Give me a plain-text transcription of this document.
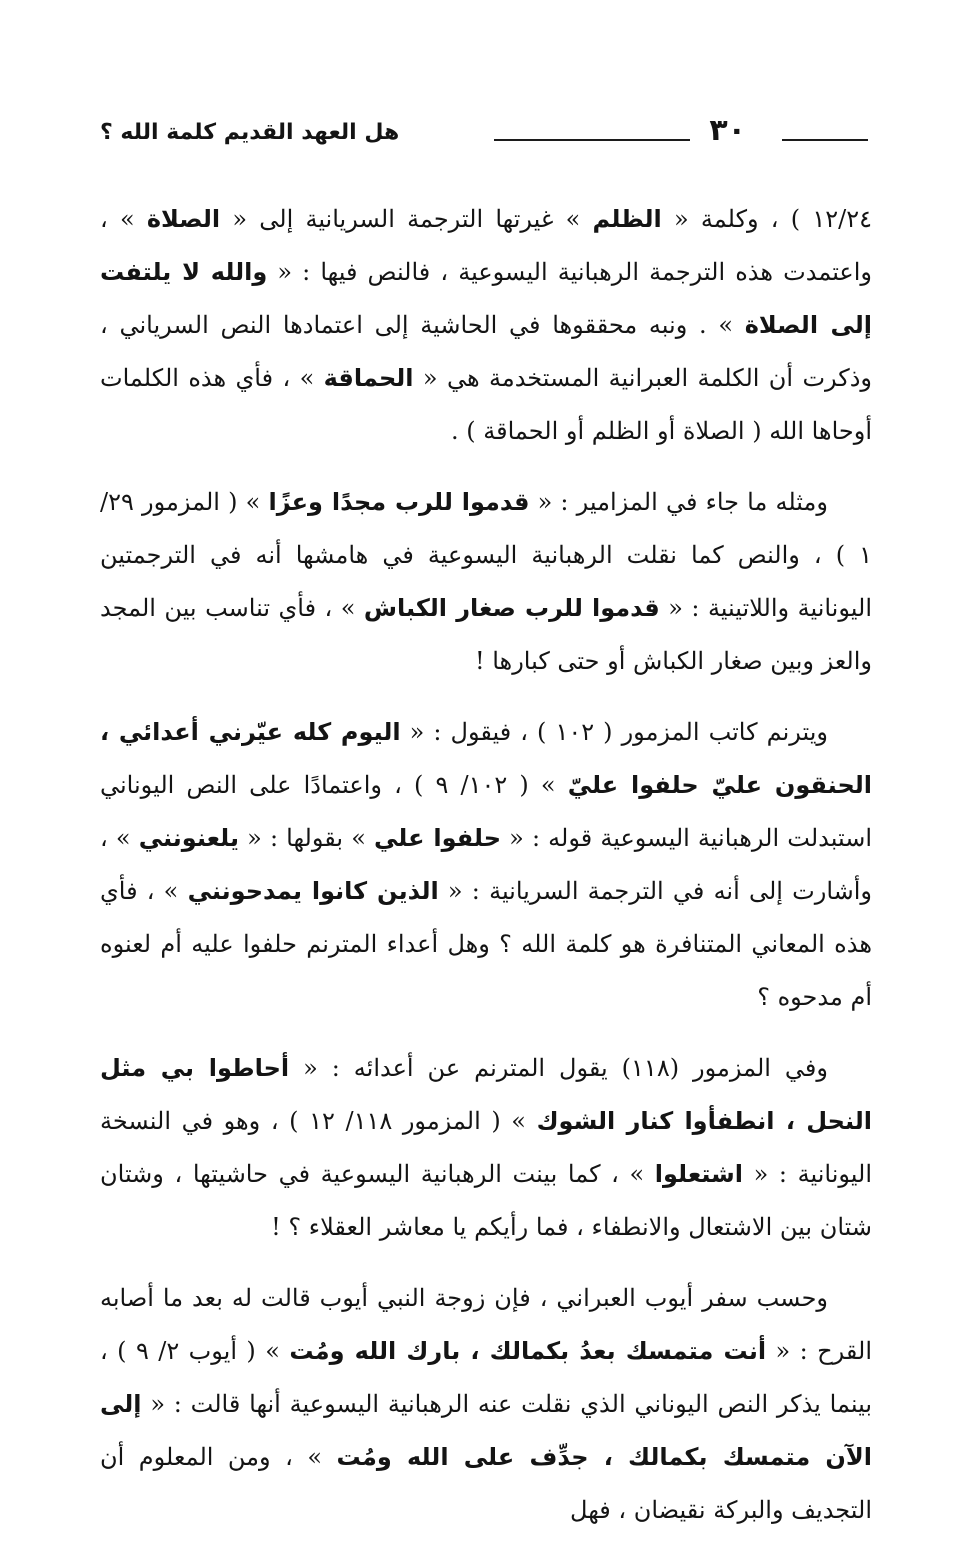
٣٠
هل العهد القديم كلمة الله ؟

١٢/٢٤ ) ، وكلمة « الظلم » غيرتها الترجمة السريانية إلى « الصلاة » ، واعتمدت هذه الترجمة الرهبانية اليسوعية ، فالنص فيها : « والله لا يلتفت إلى الصلاة » . ونبه محققوها في الحاشية إلى اعتمادها النص السرياني ، وذكرت أن الكلمة العبرانية المستخدمة هي « الحماقة » ، فأي هذه الكلمات أوحاها الله ( الصلاة أو الظلم أو الحماقة ) .

ومثله ما جاء في المزامير : « قدموا للرب مجدًا وعزًا » ( المزمور ٢٩/ ١ ) ، والنص كما نقلت الرهبانية اليسوعية في هامشها أنه في الترجمتين اليونانية واللاتينية : « قدموا للرب صغار الكباش » ، فأي تناسب بين المجد والعز وبين صغار الكباش أو حتى كبارها !

ويترنم كاتب المزمور ( ١٠٢ ) ، فيقول : « اليوم كله عيّرني أعدائي ، الحنقون عليّ حلفوا عليّ » ( ١٠٢/ ٩ ) ، واعتمادًا على النص اليوناني استبدلت الرهبانية اليسوعية قوله : « حلفوا علي » بقولها : « يلعنونني » ، وأشارت إلى أنه في الترجمة السريانية : « الذين كانوا يمدحونني » ، فأي هذه المعاني المتنافرة هو كلمة الله ؟ وهل أعداء المترنم حلفوا عليه أم لعنوه أم مدحوه ؟

وفي المزمور (١١٨) يقول المترنم عن أعدائه : « أحاطوا بي مثل النحل ، انطفأوا كنار الشوك » ( المزمور ١١٨/ ١٢ ) ، وهو في النسخة اليونانية : « اشتعلوا » ، كما بينت الرهبانية اليسوعية في حاشيتها ، وشتان شتان بين الاشتعال والانطفاء ، فما رأيكم يا معاشر العقلاء ؟ !

وحسب سفر أيوب العبراني ، فإن زوجة النبي أيوب قالت له بعد ما أصابه القرح : « أنت متمسك بعدُ بكمالك ، بارك الله ومُت » ( أيوب ٢/ ٩ ) ، بينما يذكر النص اليوناني الذي نقلت عنه الرهبانية اليسوعية أنها قالت : « إلى الآن متمسك بكمالك ، جدِّف على الله ومُت » ، ومن المعلوم أن التجديف والبركة نقيضان ، فهل
